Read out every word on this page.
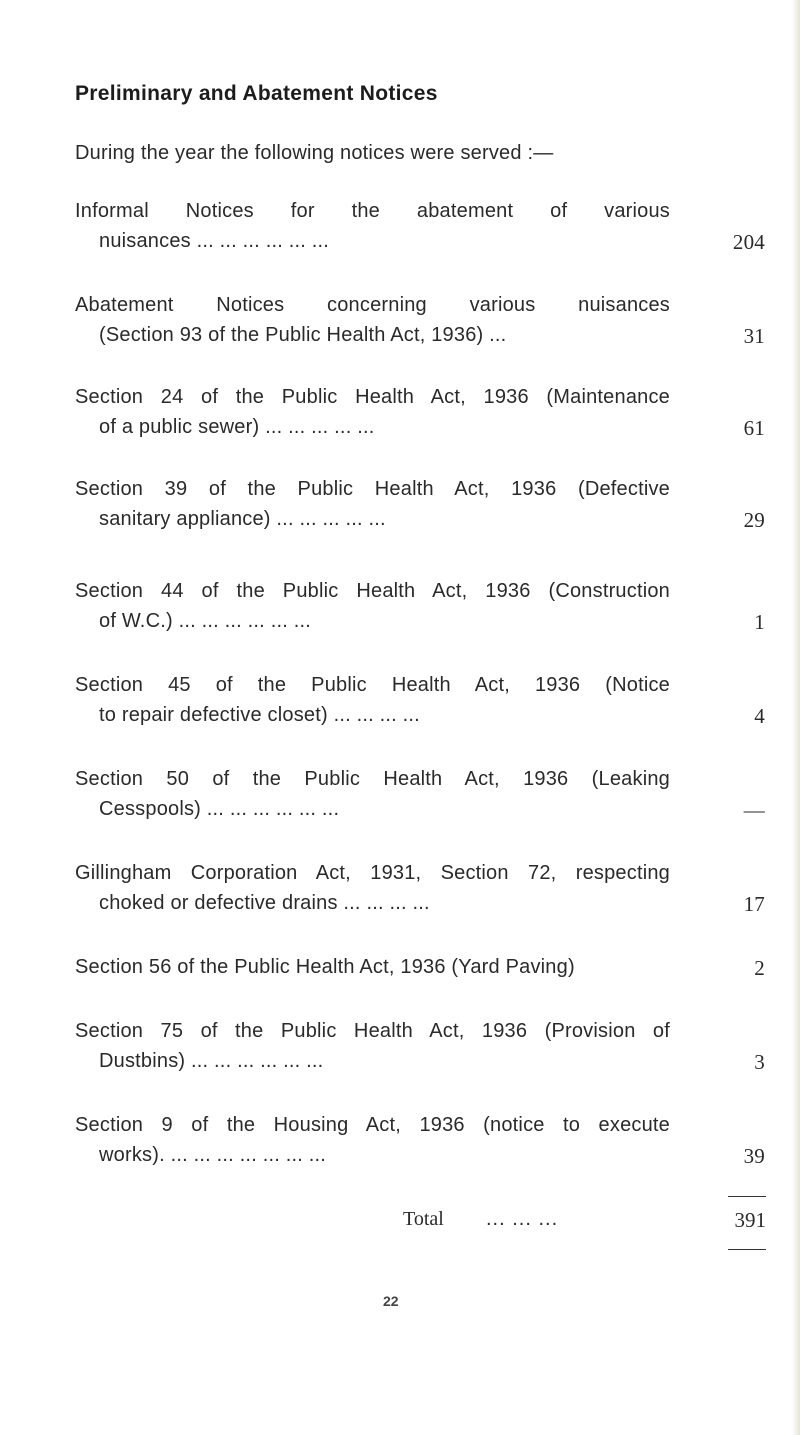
Preliminary and Abatement Notices
During the year the following notices were served :—
Informal Notices for the abatement of various
nuisances ... ... ... ... ... ...	204
Abatement Notices concerning various nuisances
(Section 93 of the Public Health Act, 1936) ...	31
Section 24 of the Public Health Act, 1936 (Maintenance
of a public sewer) ... ... ... ... ...	61
Section 39 of the Public Health Act, 1936 (Defective
sanitary appliance) ... ... ... ... ...	29
Section 44 of the Public Health Act, 1936 (Construction
of W.C.) ... ... ... ... ... ...	1
Section 45 of the Public Health Act, 1936 (Notice
to repair defective closet) ... ... ... ...	4
Section 50 of the Public Health Act, 1936 (Leaking
Cesspools) ... ... ... ... ... ...	—
Gillingham Corporation Act, 1931, Section 72, respecting
choked or defective drains ... ... ... ...	17
Section 56 of the Public Health Act, 1936 (Yard Paving)	2
Section 75 of the Public Health Act, 1936 (Provision of
Dustbins) ... ... ... ... ... ...	3
Section 9 of the Housing Act, 1936 (notice to execute
works). ... ... ... ... ... ... ...	39
Total ... ... ...	391
22
